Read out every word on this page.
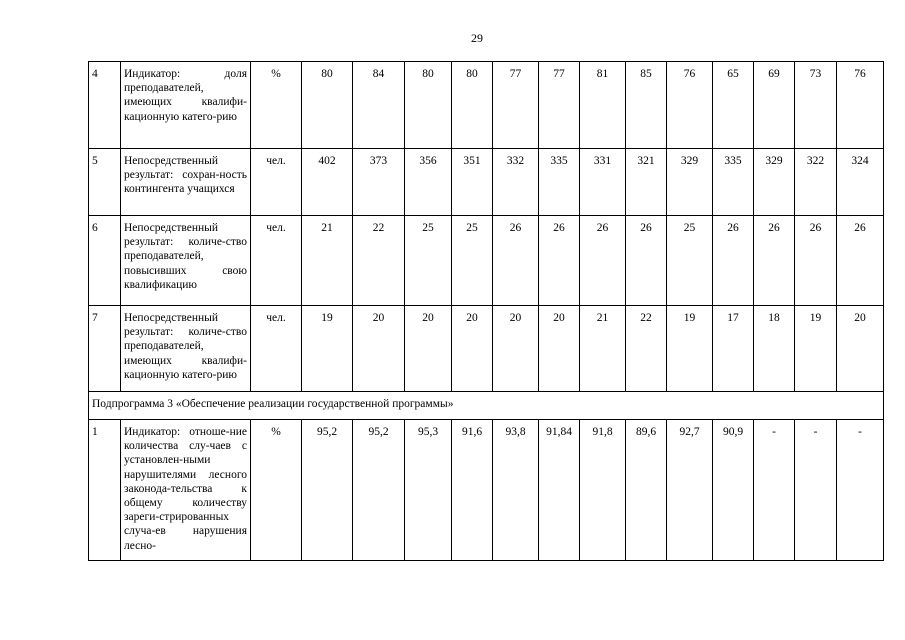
29
4	Индикатор: доля преподавателей, имеющих квалифи-кационную катего-рию	%	80	84	80	80	77	77	81	85	76	65	69	73	76
5	Непосредственный результат: сохран-ность контингента учащихся	чел.	402	373	356	351	332	335	331	321	329	335	329	322	324
6	Непосредственный результат: количе-ство преподавателей, повысивших свою квалификацию	чел.	21	22	25	25	26	26	26	26	25	26	26	26	26
7	Непосредственный результат: количе-ство преподавателей, имеющих квалифи-кационную катего-рию	чел.	19	20	20	20	20	20	21	22	19	17	18	19	20
Подпрограмма 3 «Обеспечение реализации государственной программы»															
1	Индикатор: отноше-ние количества слу-чаев с установлен-ными нарушителями лесного законода-тельства к общему количеству зареги-стрированных случа-ев нарушения лесно-	%	95,2	95,2	95,3	91,6	93,8	91,84	91,8	89,6	92,7	90,9	-	-	-
